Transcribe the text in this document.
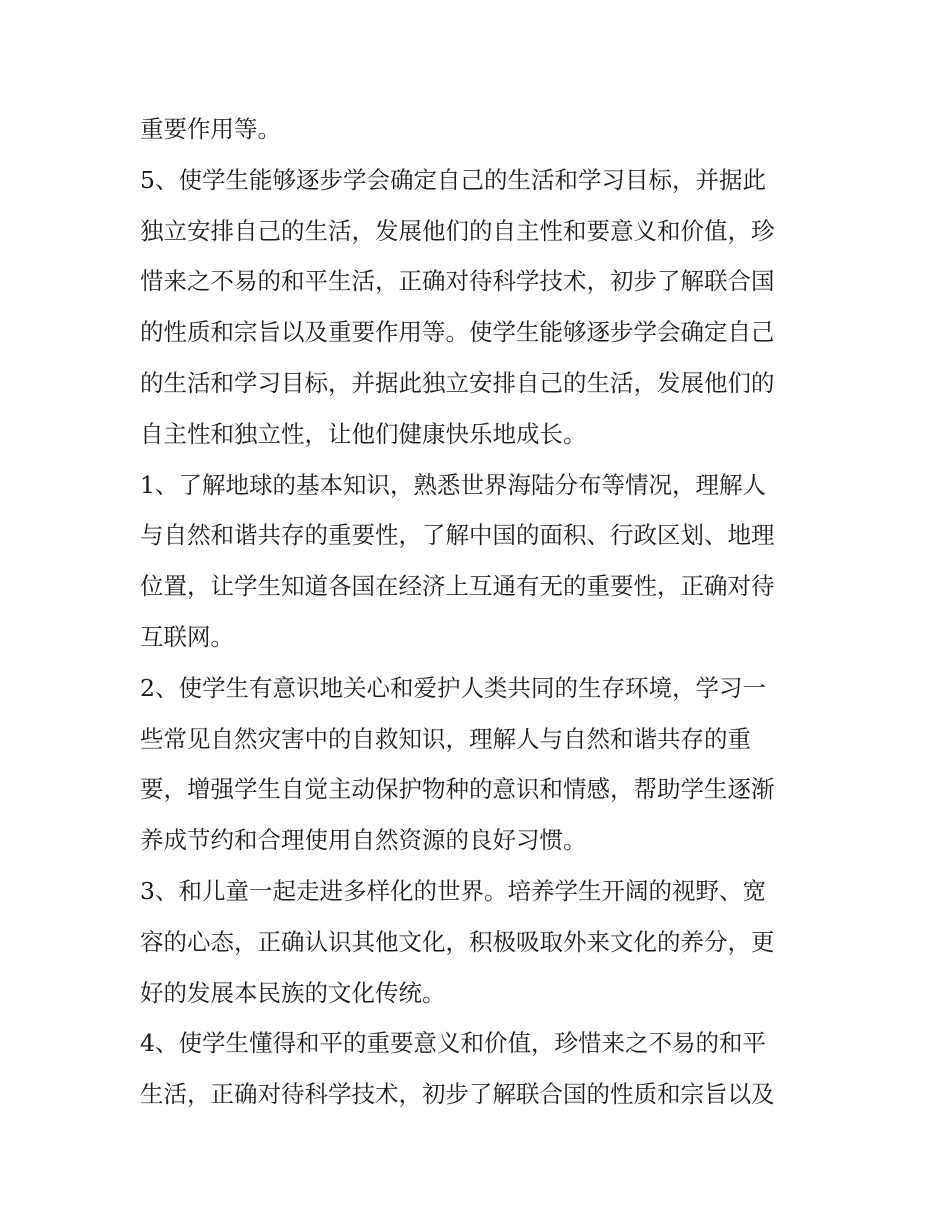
重要作用等。
5、使学生能够逐步学会确定自己的生活和学习目标，并据此
独立安排自己的生活，发展他们的自主性和要意义和价值，珍
惜来之不易的和平生活，正确对待科学技术，初步了解联合国
的性质和宗旨以及重要作用等。使学生能够逐步学会确定自己
的生活和学习目标，并据此独立安排自己的生活，发展他们的
自主性和独立性，让他们健康快乐地成长。
1、了解地球的基本知识，熟悉世界海陆分布等情况，理解人
与自然和谐共存的重要性，了解中国的面积、行政区划、地理
位置，让学生知道各国在经济上互通有无的重要性，正确对待
互联网。
2、使学生有意识地关心和爱护人类共同的生存环境，学习一
些常见自然灾害中的自救知识，理解人与自然和谐共存的重
要，增强学生自觉主动保护物种的意识和情感，帮助学生逐渐
养成节约和合理使用自然资源的良好习惯。
3、和儿童一起走进多样化的世界。培养学生开阔的视野、宽
容的心态，正确认识其他文化，积极吸取外来文化的养分，更
好的发展本民族的文化传统。
4、使学生懂得和平的重要意义和价值，珍惜来之不易的和平
生活，正确对待科学技术，初步了解联合国的性质和宗旨以及
